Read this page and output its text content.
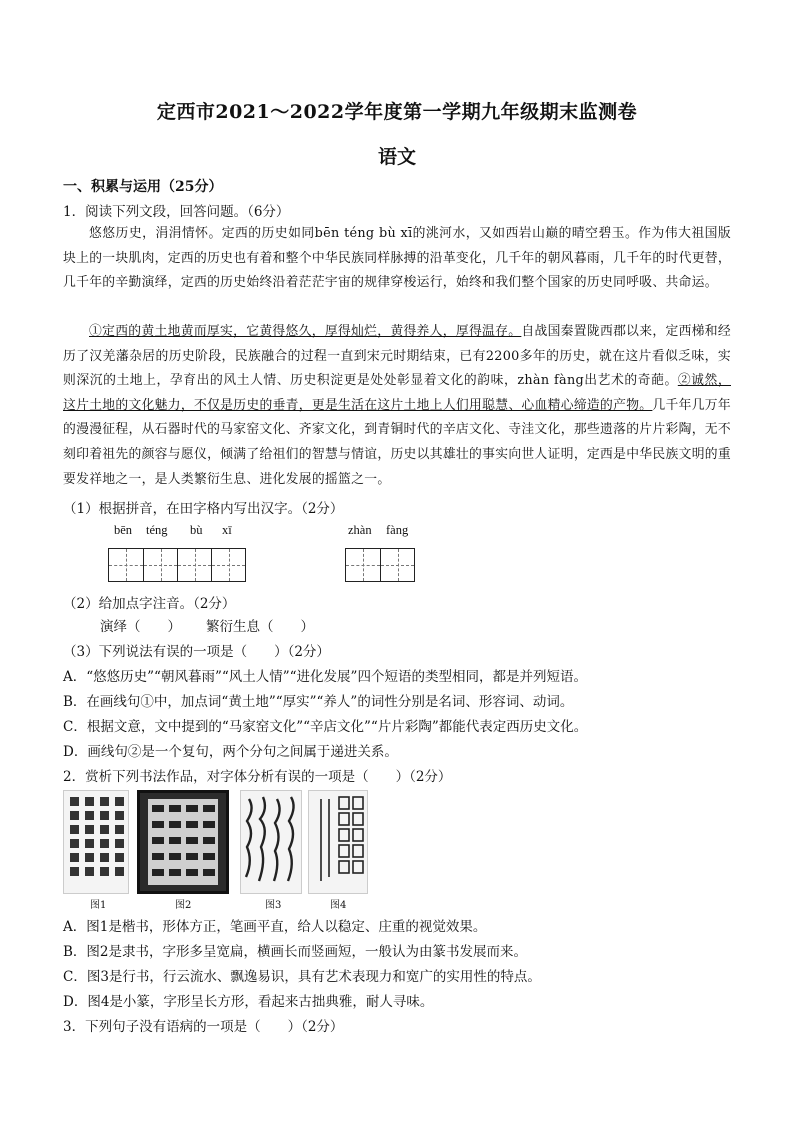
定西市2021～2022学年度第一学期九年级期末监测卷
语文
一、积累与运用（25分）
1．阅读下列文段，回答问题。（6分）
悠悠历史，涓涓情怀。定西的历史如同bēn téng bù xī的洮河水，又如西岩山巅的晴空碧玉。作为伟大祖国版块上的一块肌肉，定西的历史也有着和整个中华民族同样脉搏的沿革变化，几千年的朝风暮雨，几千年的时代更替，几千年的辛勤演绎，定西的历史始终沿着茫茫宇宙的规律穿梭运行，始终和我们整个国家的历史同呼吸、共命运。
①定西的黄土地黄而厚实，它黄得悠久，厚得灿烂，黄得养人，厚得温存。自战国秦置陇西郡以来，定西梯和经历了汉羌藩杂居的历史阶段，民族融合的过程一直到宋元时期结束，已有2200多年的历史，就在这片看似乏味，实则深沉的土地上，孕育出的风土人情、历史积淀更是处处彰显着文化的韵味，zhàn fàng出艺术的奇葩。②诚然，这片土地的文化魅力，不仅是历史的垂青，更是生活在这片土地上人们用聪慧、心血精心缔造的产物。几千年几万年的漫漫征程，从石器时代的马家窑文化、齐家文化，到青铜时代的辛店文化、寺洼文化，那些遗落的片片彩陶，无不刻印着祖先的颜容与愿仪，倾满了给祖们的智慧与情谊，历史以其雄壮的事实向世人证明，定西是中华民族文明的重要发祥地之一，是人类繁衍生息、进化发展的摇篮之一。
（1）根据拼音，在田字格内写出汉字。（2分）
bēn téng bù xī	zhàn fàng
（2）给加点字注音。（2分）
演绎（　　） 繁衍生息（　　）
（3）下列说法有误的一项是（　　）（2分）
A．“悠悠历史”“朝风暮雨”“风土人情”“进化发展”四个短语的类型相同，都是并列短语。
B．在画线句①中，加点词“黄土地”“厚实”“养人”的词性分别是名词、形容词、动词。
C．根据文意，文中提到的“马家窑文化”“辛店文化”“片片彩陶”都能代表定西历史文化。
D．画线句②是一个复句，两个分句之间属于递进关系。
2．赏析下列书法作品，对字体分析有误的一项是（　　）（2分）
图1	图2	图3	图4
A．图1是楷书，形体方正，笔画平直，给人以稳定、庄重的视觉效果。
B．图2是隶书，字形多呈宽扁，横画长而竖画短，一般认为由篆书发展而来。
C．图3是行书，行云流水、飘逸易识，具有艺术表现力和宽广的实用性的特点。
D．图4是小篆，字形呈长方形，看起来古拙典雅，耐人寻味。
3．下列句子没有语病的一项是（　　）（2分）
